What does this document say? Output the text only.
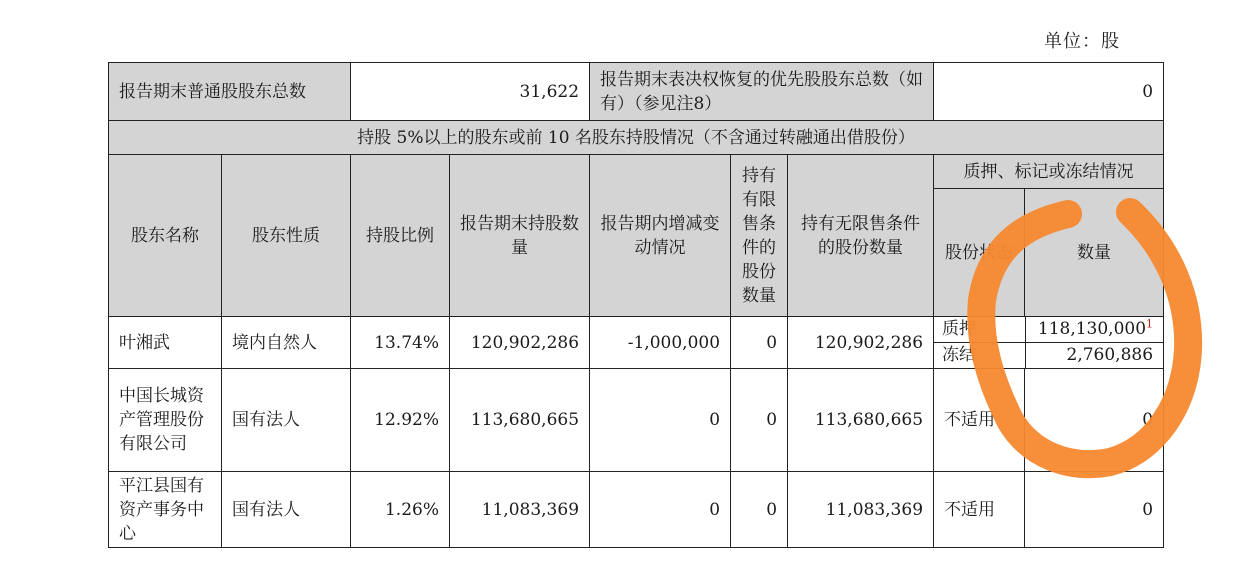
单位：股
报告期末普通股股东总数		31,622		报告期末表决权恢复的优先股股东总数（如有）（参见注8）			0	
持股 5%以上的股东或前 10 名股东持股情况（不含通过转融通出借股份）								
股东名称	股东性质	持股比例	报告期末持股数量	报告期内增减变动情况	持有有限售条件的股份数量	持有无限售条件的股份数量	质押、标记或冻结情况	
							股份状态	数量
叶湘武	境内自然人	13.74%	120,902,286	-1,000,000	0	120,902,286	质押 118,130,000$^1$
冻结 2,760,886	

中国长城资产管理股份有限公司	国有法人	12.92%	113,680,665	0	0	113,680,665	不适用	0
平江县国有资产事务中心	国有法人	1.26%	11,083,369	0	0	11,083,369	不适用	0
